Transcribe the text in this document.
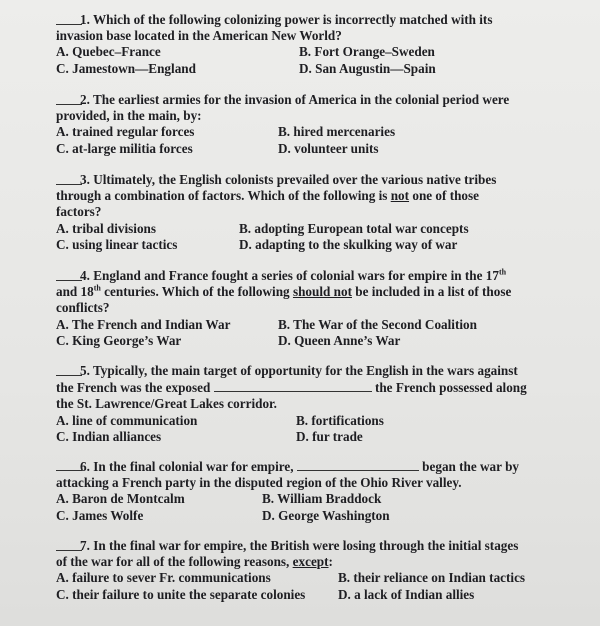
1. Which of the following colonizing power is incorrectly matched with its
invasion base located in the American New World?
A. Quebec–France	B. Fort Orange–Sweden
C. Jamestown—England	D. San Augustin—Spain
2. The earliest armies for the invasion of America in the colonial period were
provided, in the main, by:
A. trained regular forces	B. hired mercenaries
C. at-large militia forces	D. volunteer units
3. Ultimately, the English colonists prevailed over the various native tribes
through a combination of factors. Which of the following is not one of those
factors?
A. tribal divisions	B. adopting European total war concepts
C. using linear tactics	D. adapting to the skulking way of war
4. England and France fought a series of colonial wars for empire in the 17th
and 18th centuries. Which of the following should not be included in a list of those
conflicts?
A. The French and Indian War	B. The War of the Second Coalition
C. King George’s War	D. Queen Anne’s War
5. Typically, the main target of opportunity for the English in the wars against
the French was the exposed	the French possessed along
the St. Lawrence/Great Lakes corridor.
A. line of communication	B. fortifications
C. Indian alliances	D. fur trade
6. In the final colonial war for empire,	began the war by
attacking a French party in the disputed region of the Ohio River valley.
A. Baron de Montcalm	B. William Braddock
C. James Wolfe	D. George Washington
7. In the final war for empire, the British were losing through the initial stages
of the war for all of the following reasons, except:
A. failure to sever Fr. communications	B. their reliance on Indian tactics
C. their failure to unite the separate colonies D. a lack of Indian allies
